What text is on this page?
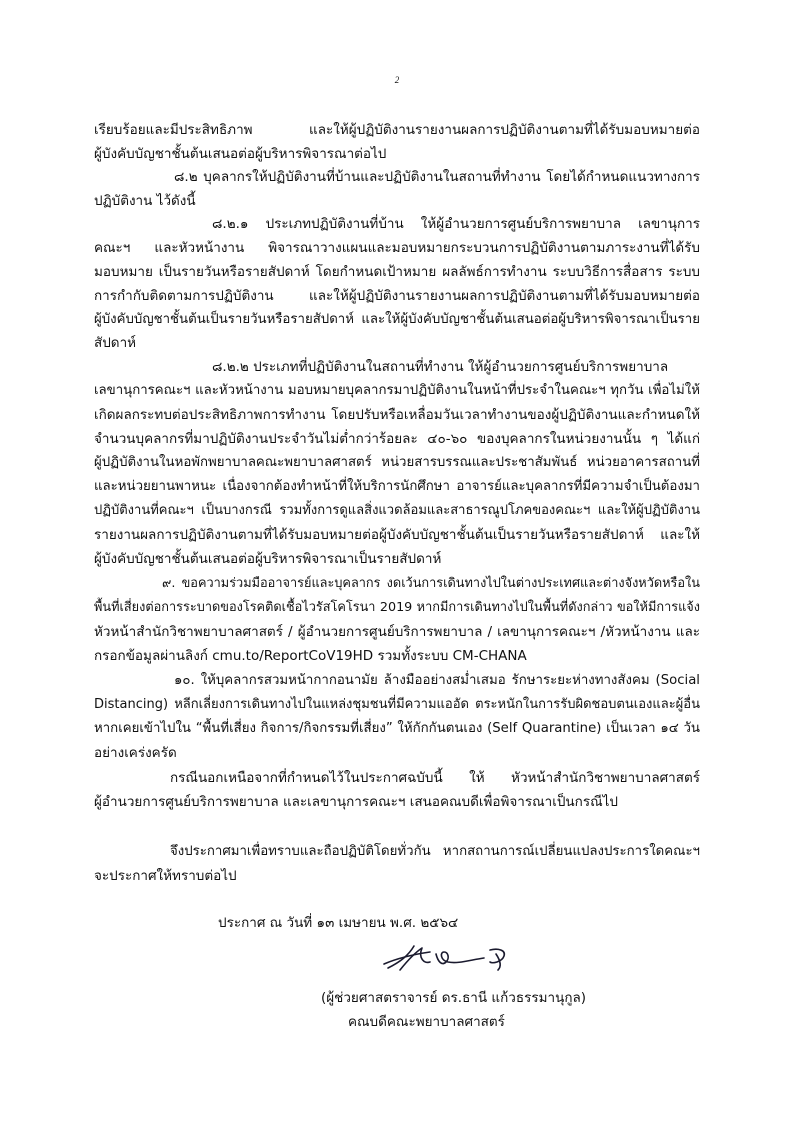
2

เรียบร้อยและมีประสิทธิภาพ และให้ผู้ปฏิบัติงานรายงานผลการปฏิบัติงานตามที่ได้รับมอบหมายต่อ

ผู้บังคับบัญชาชั้นต้นเสนอต่อผู้บริหารพิจารณาต่อไป

๘.๒ บุคลากรให้ปฏิบัติงานที่บ้านและปฏิบัติงานในสถานที่ทำงาน โดยได้กำหนดแนวทางการ

ปฏิบัติงาน ไว้ดังนี้

๘.๒.๑ ประเภทปฏิบัติงานที่บ้าน ให้ผู้อำนวยการศูนย์บริการพยาบาล เลขานุการ

คณะฯ และหัวหน้างาน พิจารณาวางแผนและมอบหมายกระบวนการปฏิบัติงานตามภาระงานที่ได้รับ

มอบหมาย เป็นรายวันหรือรายสัปดาห์ โดยกำหนดเป้าหมาย ผลลัพธ์การทำงาน ระบบวิธีการสื่อสาร ระบบ

การกำกับติดตามการปฏิบัติงาน และให้ผู้ปฏิบัติงานรายงานผลการปฏิบัติงานตามที่ได้รับมอบหมายต่อ

ผู้บังคับบัญชาชั้นต้นเป็นรายวันหรือรายสัปดาห์ และให้ผู้บังคับบัญชาชั้นต้นเสนอต่อผู้บริหารพิจารณาเป็นราย

สัปดาห์

๘.๒.๒ ประเภทที่ปฏิบัติงานในสถานที่ทำงาน ให้ผู้อำนวยการศูนย์บริการพยาบาล

เลขานุการคณะฯ และหัวหน้างาน มอบหมายบุคลากรมาปฏิบัติงานในหน้าที่ประจำในคณะฯ ทุกวัน เพื่อไม่ให้

เกิดผลกระทบต่อประสิทธิภาพการทำงาน โดยปรับหรือเหลื่อมวันเวลาทำงานของผู้ปฏิบัติงานและกำหนดให้

จำนวนบุคลากรที่มาปฏิบัติงานประจำวันไม่ต่ำกว่าร้อยละ ๔๐-๖๐ ของบุคลากรในหน่วยงานนั้น ๆ ได้แก่

ผู้ปฏิบัติงานในหอพักพยาบาลคณะพยาบาลศาสตร์ หน่วยสารบรรณและประชาสัมพันธ์ หน่วยอาคารสถานที่

และหน่วยยานพาหนะ เนื่องจากต้องทำหน้าที่ให้บริการนักศึกษา อาจารย์และบุคลากรที่มีความจำเป็นต้องมา

ปฏิบัติงานที่คณะฯ เป็นบางกรณี รวมทั้งการดูแลสิ่งแวดล้อมและสาธารณูปโภคของคณะฯ และให้ผู้ปฏิบัติงาน

รายงานผลการปฏิบัติงานตามที่ได้รับมอบหมายต่อผู้บังคับบัญชาชั้นต้นเป็นรายวันหรือรายสัปดาห์ และให้

ผู้บังคับบัญชาชั้นต้นเสนอต่อผู้บริหารพิจารณาเป็นรายสัปดาห์

๙. ขอความร่วมมืออาจารย์และบุคลากร งดเว้นการเดินทางไปในต่างประเทศและต่างจังหวัดหรือใน

พื้นที่เสี่ยงต่อการระบาดของโรคติดเชื้อไวรัสโคโรนา 2019 หากมีการเดินทางไปในพื้นที่ดังกล่าว ขอให้มีการแจ้ง

หัวหน้าสำนักวิชาพยาบาลศาสตร์ / ผู้อำนวยการศูนย์บริการพยาบาล / เลขานุการคณะฯ /หัวหน้างาน และ

กรอกข้อมูลผ่านลิงก์ cmu.to/ReportCoV19HD รวมทั้งระบบ CM-CHANA

๑๐. ให้บุคลากรสวมหน้ากากอนามัย ล้างมืออย่างสม่ำเสมอ รักษาระยะห่างทางสังคม (Social

Distancing) หลีกเลี่ยงการเดินทางไปในแหล่งชุมชนที่มีความแออัด ตระหนักในการรับผิดชอบตนเองและผู้อื่น

หากเคยเข้าไปใน “พื้นที่เสี่ยง กิจการ/กิจกรรมที่เสี่ยง” ให้กักกันตนเอง (Self Quarantine) เป็นเวลา ๑๔ วัน

อย่างเคร่งครัด

กรณีนอกเหนือจากที่กำหนดไว้ในประกาศฉบับนี้ ให้ หัวหน้าสำนักวิชาพยาบาลศาสตร์

ผู้อำนวยการศูนย์บริการพยาบาล และเลขานุการคณะฯ เสนอคณบดีเพื่อพิจารณาเป็นกรณีไป

จึงประกาศมาเพื่อทราบและถือปฏิบัติโดยทั่วกัน หากสถานการณ์เปลี่ยนแปลงประการใดคณะฯ

จะประกาศให้ทราบต่อไป

ประกาศ ณ วันที่ ๑๓ เมษายน พ.ศ. ๒๕๖๔
(ผู้ช่วยศาสตราจารย์ ดร.ธานี แก้วธรรมานุกูล)
คณบดีคณะพยาบาลศาสตร์
